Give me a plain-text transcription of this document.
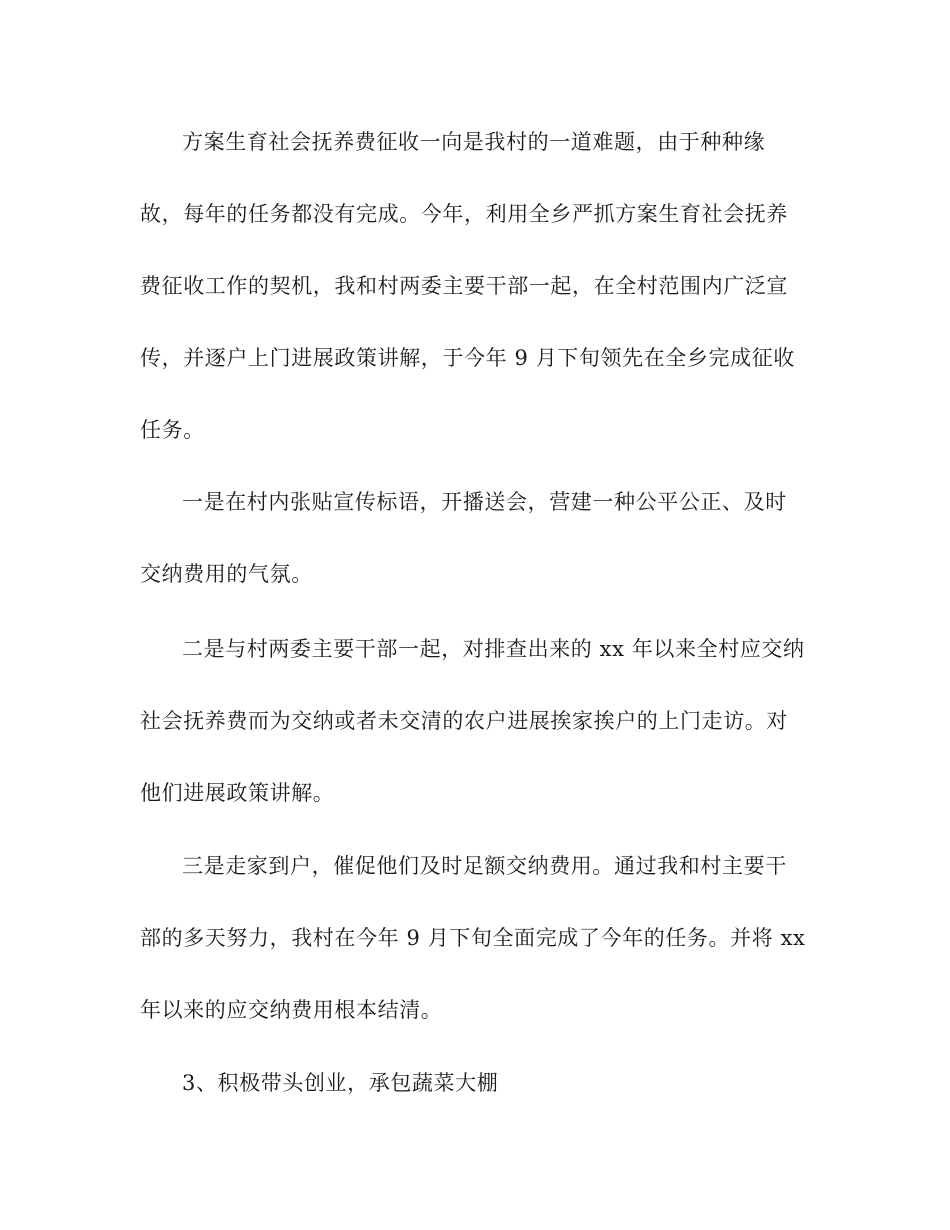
方案生育社会抚养费征收一向是我村的一道难题，由于种种缘
故，每年的任务都没有完成。今年，利用全乡严抓方案生育社会抚养
费征收工作的契机，我和村两委主要干部一起，在全村范围内广泛宣
传，并逐户上门进展政策讲解，于今年 9 月下旬领先在全乡完成征收
任务。
一是在村内张贴宣传标语，开播送会，营建一种公平公正、及时
交纳费用的气氛。
二是与村两委主要干部一起，对排查出来的 xx 年以来全村应交纳
社会抚养费而为交纳或者未交清的农户进展挨家挨户的上门走访。对
他们进展政策讲解。
三是走家到户，催促他们及时足额交纳费用。通过我和村主要干
部的多天努力，我村在今年 9 月下旬全面完成了今年的任务。并将 xx
年以来的应交纳费用根本结清。
3、积极带头创业，承包蔬菜大棚
